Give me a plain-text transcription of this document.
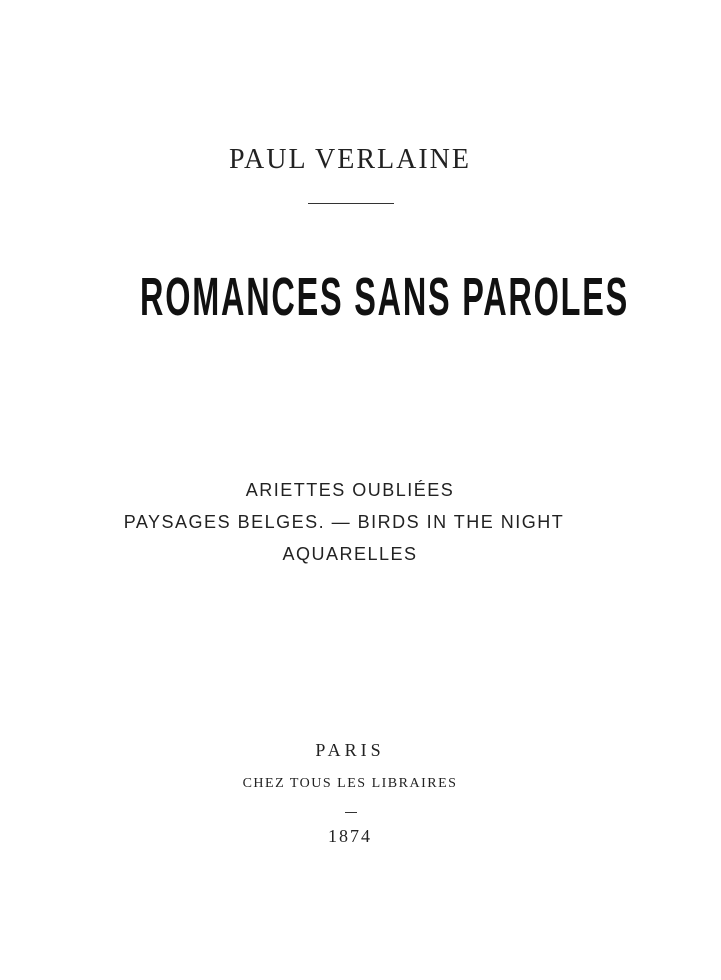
PAUL VERLAINE
ROMANCES SANS PAROLES
ARIETTES OUBLIÉES
PAYSAGES BELGES. — BIRDS IN THE NIGHT
AQUARELLES
PARIS
CHEZ TOUS LES LIBRAIRES
1874
